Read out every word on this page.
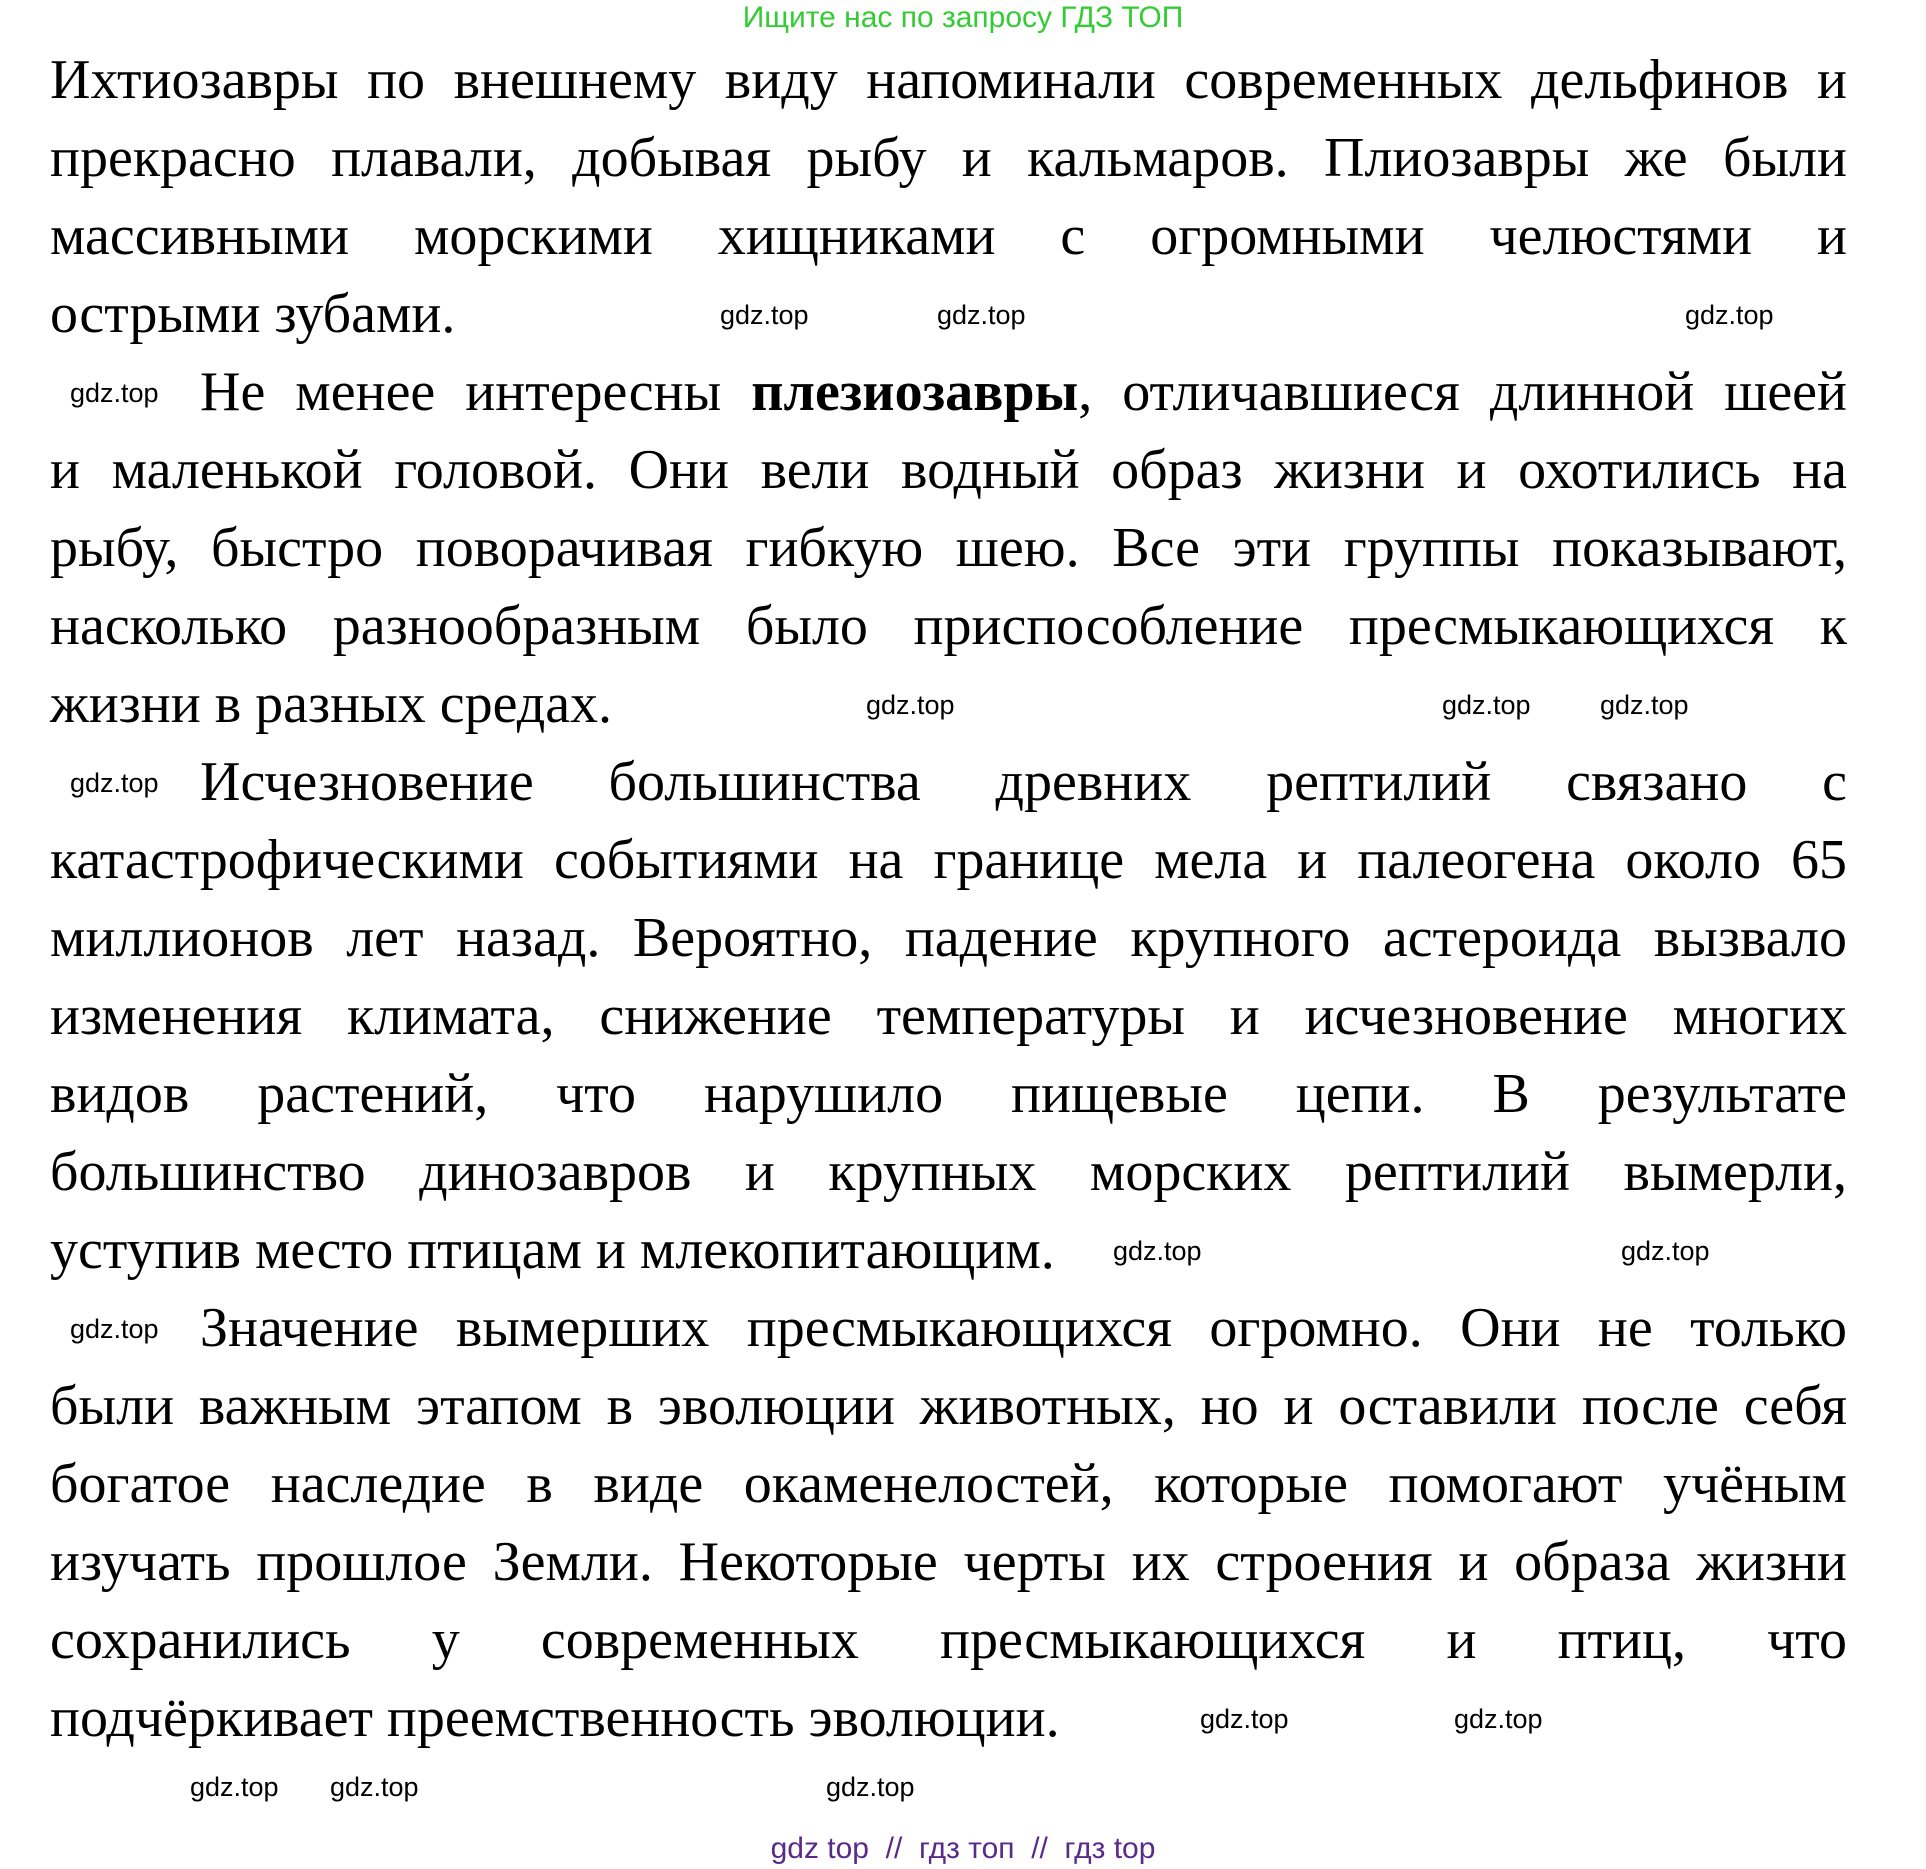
Ищите нас по запросу ГДЗ ТОП
Ихтиозавры по внешнему виду напоминали современных дельфинов и
прекрасно плавали, добывая рыбу и кальмаров. Плиозавры же были
массивными морскими хищниками с огромными челюстями и
острыми зубами.
Не менее интересны плезиозавры, отличавшиеся длинной шеей
и маленькой головой. Они вели водный образ жизни и охотились на
рыбу, быстро поворачивая гибкую шею. Все эти группы показывают,
насколько разнообразным было приспособление пресмыкающихся к
жизни в разных средах.
Исчезновение большинства древних рептилий связано с
катастрофическими событиями на границе мела и палеогена около 65
миллионов лет назад. Вероятно, падение крупного астероида вызвало
изменения климата, снижение температуры и исчезновение многих
видов растений, что нарушило пищевые цепи. В результате
большинство динозавров и крупных морских рептилий вымерли,
уступив место птицам и млекопитающим.
Значение вымерших пресмыкающихся огромно. Они не только
были важным этапом в эволюции животных, но и оставили после себя
богатое наследие в виде окаменелостей, которые помогают учёным
изучать прошлое Земли. Некоторые черты их строения и образа жизни
сохранились у современных пресмыкающихся и птиц, что
подчёркивает преемственность эволюции.
gdz.top	gdz.top	gdz.top
gdz.top
gdz.top	gdz.top	gdz.top
gdz.top
gdz.top	gdz.top
gdz.top
gdz.top	gdz.top
gdz.top gdz.top	gdz.top
gdz top  //  гдз топ  //  гдз top
